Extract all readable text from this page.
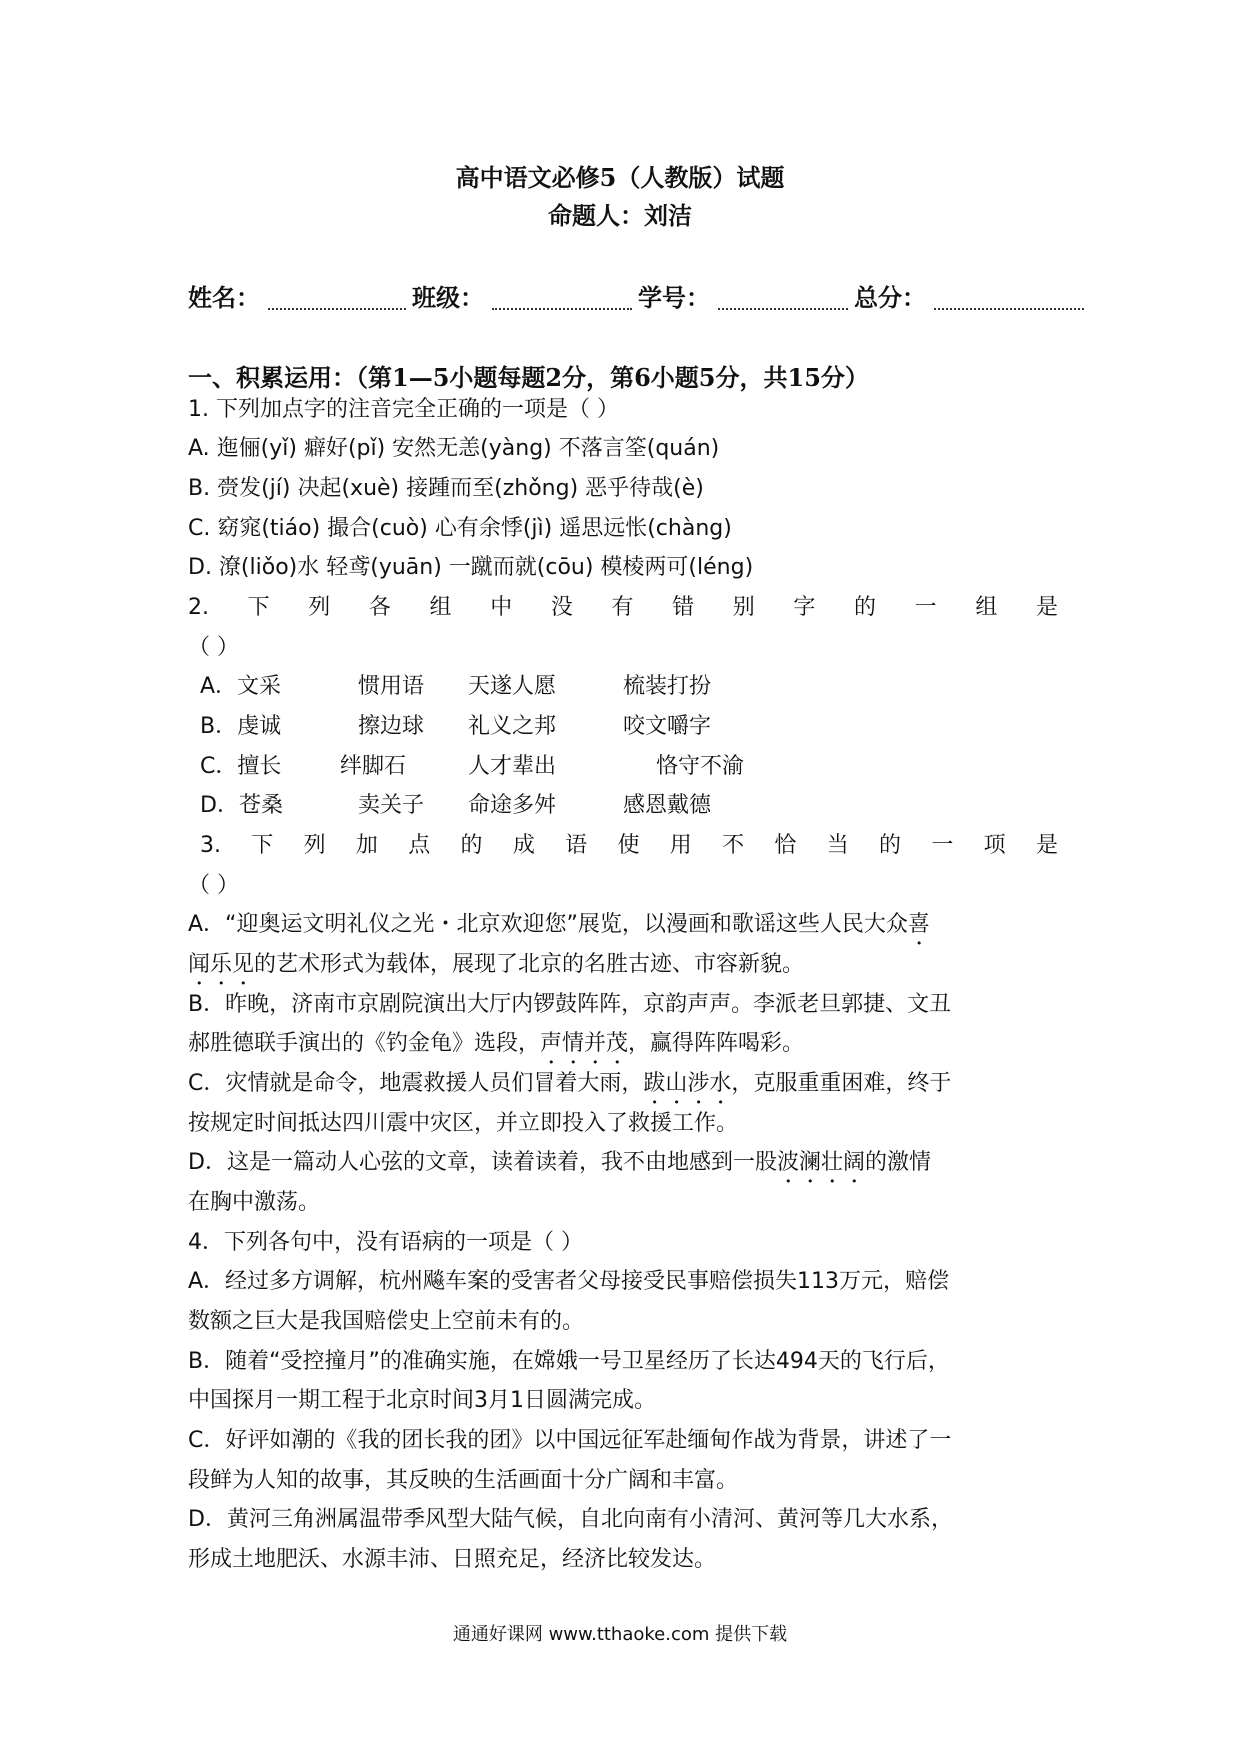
高中语文必修5（人教版）试题
命题人：刘洁
姓名：	班级：	学号：	总分：
一、积累运用：（第1—5小题每题2分，第6小题5分，共15分）
1. 下列加点字的注音完全正确的一项是（ ）
A. 迤俪(yǐ) 癖好(pǐ) 安然无恙(yàng) 不落言筌(quán)
B. 赍发(jí) 决起(xuè) 接踵而至(zhǒng) 恶乎待哉(è)
C. 窈窕(tiáo) 撮合(cuò) 心有余悸(jì) 遥思远怅(chàng)
D. 潦(liǒo)水 轻鸢(yuān) 一蹴而就(cōu) 模棱两可(léng)
2. 下 列 各 组 中 没 有 错 别 字 的 一 组 是
（ ）
A．文采	惯用语 天遂人愿	梳装打扮
B．虔诚	擦边球 礼义之邦	咬文嚼字
C．擅长	绊脚石	人才辈出	恪守不渝
D．苍桑	卖关子 命途多舛	感恩戴德
3. 下 列 加 点 的 成 语 使 用 不 恰 当 的 一 项 是
（ ）
A．“迎奥运文明礼仪之光・北京欢迎您”展览，以漫画和歌谣这些人民大众喜
闻乐见的艺术形式为载体，展现了北京的名胜古迹、市容新貌。
B．昨晚，济南市京剧院演出大厅内锣鼓阵阵，京韵声声。李派老旦郭捷、文丑
郝胜德联手演出的《钓金龟》选段，声情并茂，赢得阵阵喝彩。
C．灾情就是命令，地震救援人员们冒着大雨，跋山涉水，克服重重困难，终于
按规定时间抵达四川震中灾区，并立即投入了救援工作。
D．这是一篇动人心弦的文章，读着读着，我不由地感到一股波澜壮阔的激情
在胸中激荡。
4．下列各句中，没有语病的一项是（ ）
A．经过多方调解，杭州飚车案的受害者父母接受民事赔偿损失113万元，赔偿
数额之巨大是我国赔偿史上空前未有的。
B．随着“受控撞月”的准确实施，在嫦娥一号卫星经历了长达494天的飞行后，
中国探月一期工程于北京时间3月1日圆满完成。
C．好评如潮的《我的团长我的团》以中国远征军赴缅甸作战为背景，讲述了一
段鲜为人知的故事，其反映的生活画面十分广阔和丰富。
D．黄河三角洲属温带季风型大陆气候，自北向南有小清河、黄河等几大水系，
形成土地肥沃、水源丰沛、日照充足，经济比较发达。
通通好课网 www.tthaoke.com 提供下载
